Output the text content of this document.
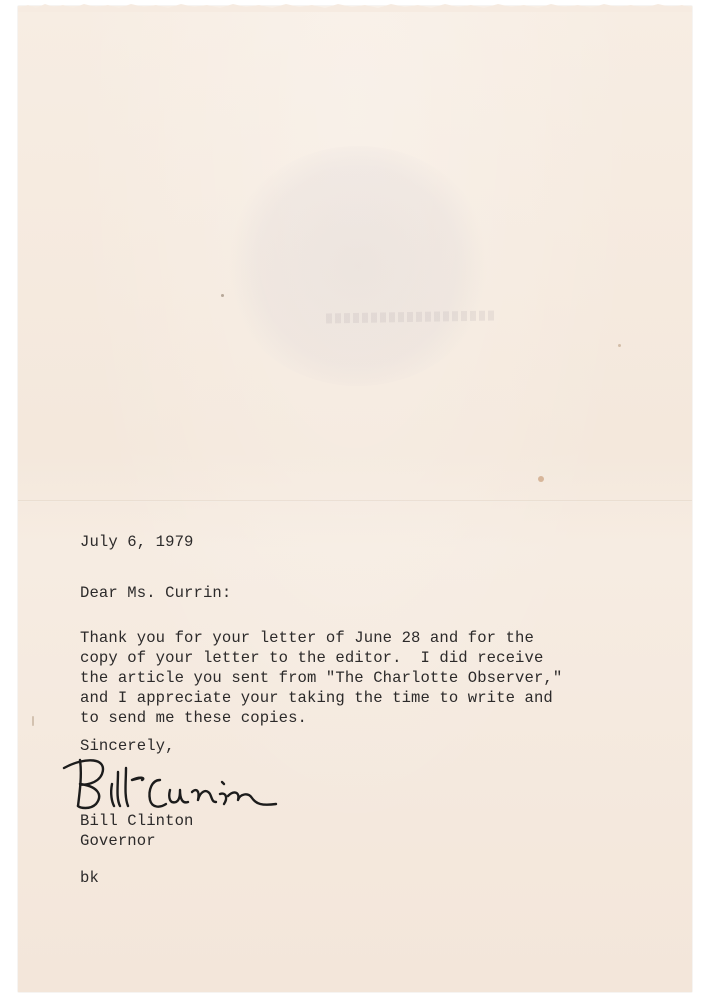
July 6, 1979
Dear Ms. Currin:
Thank you for your letter of June 28 and for the
copy of your letter to the editor.  I did receive
the article you sent from "The Charlotte Observer,"
and I appreciate your taking the time to write and
to send me these copies.
Sincerely,
Bill Clinton
Governor
bk
